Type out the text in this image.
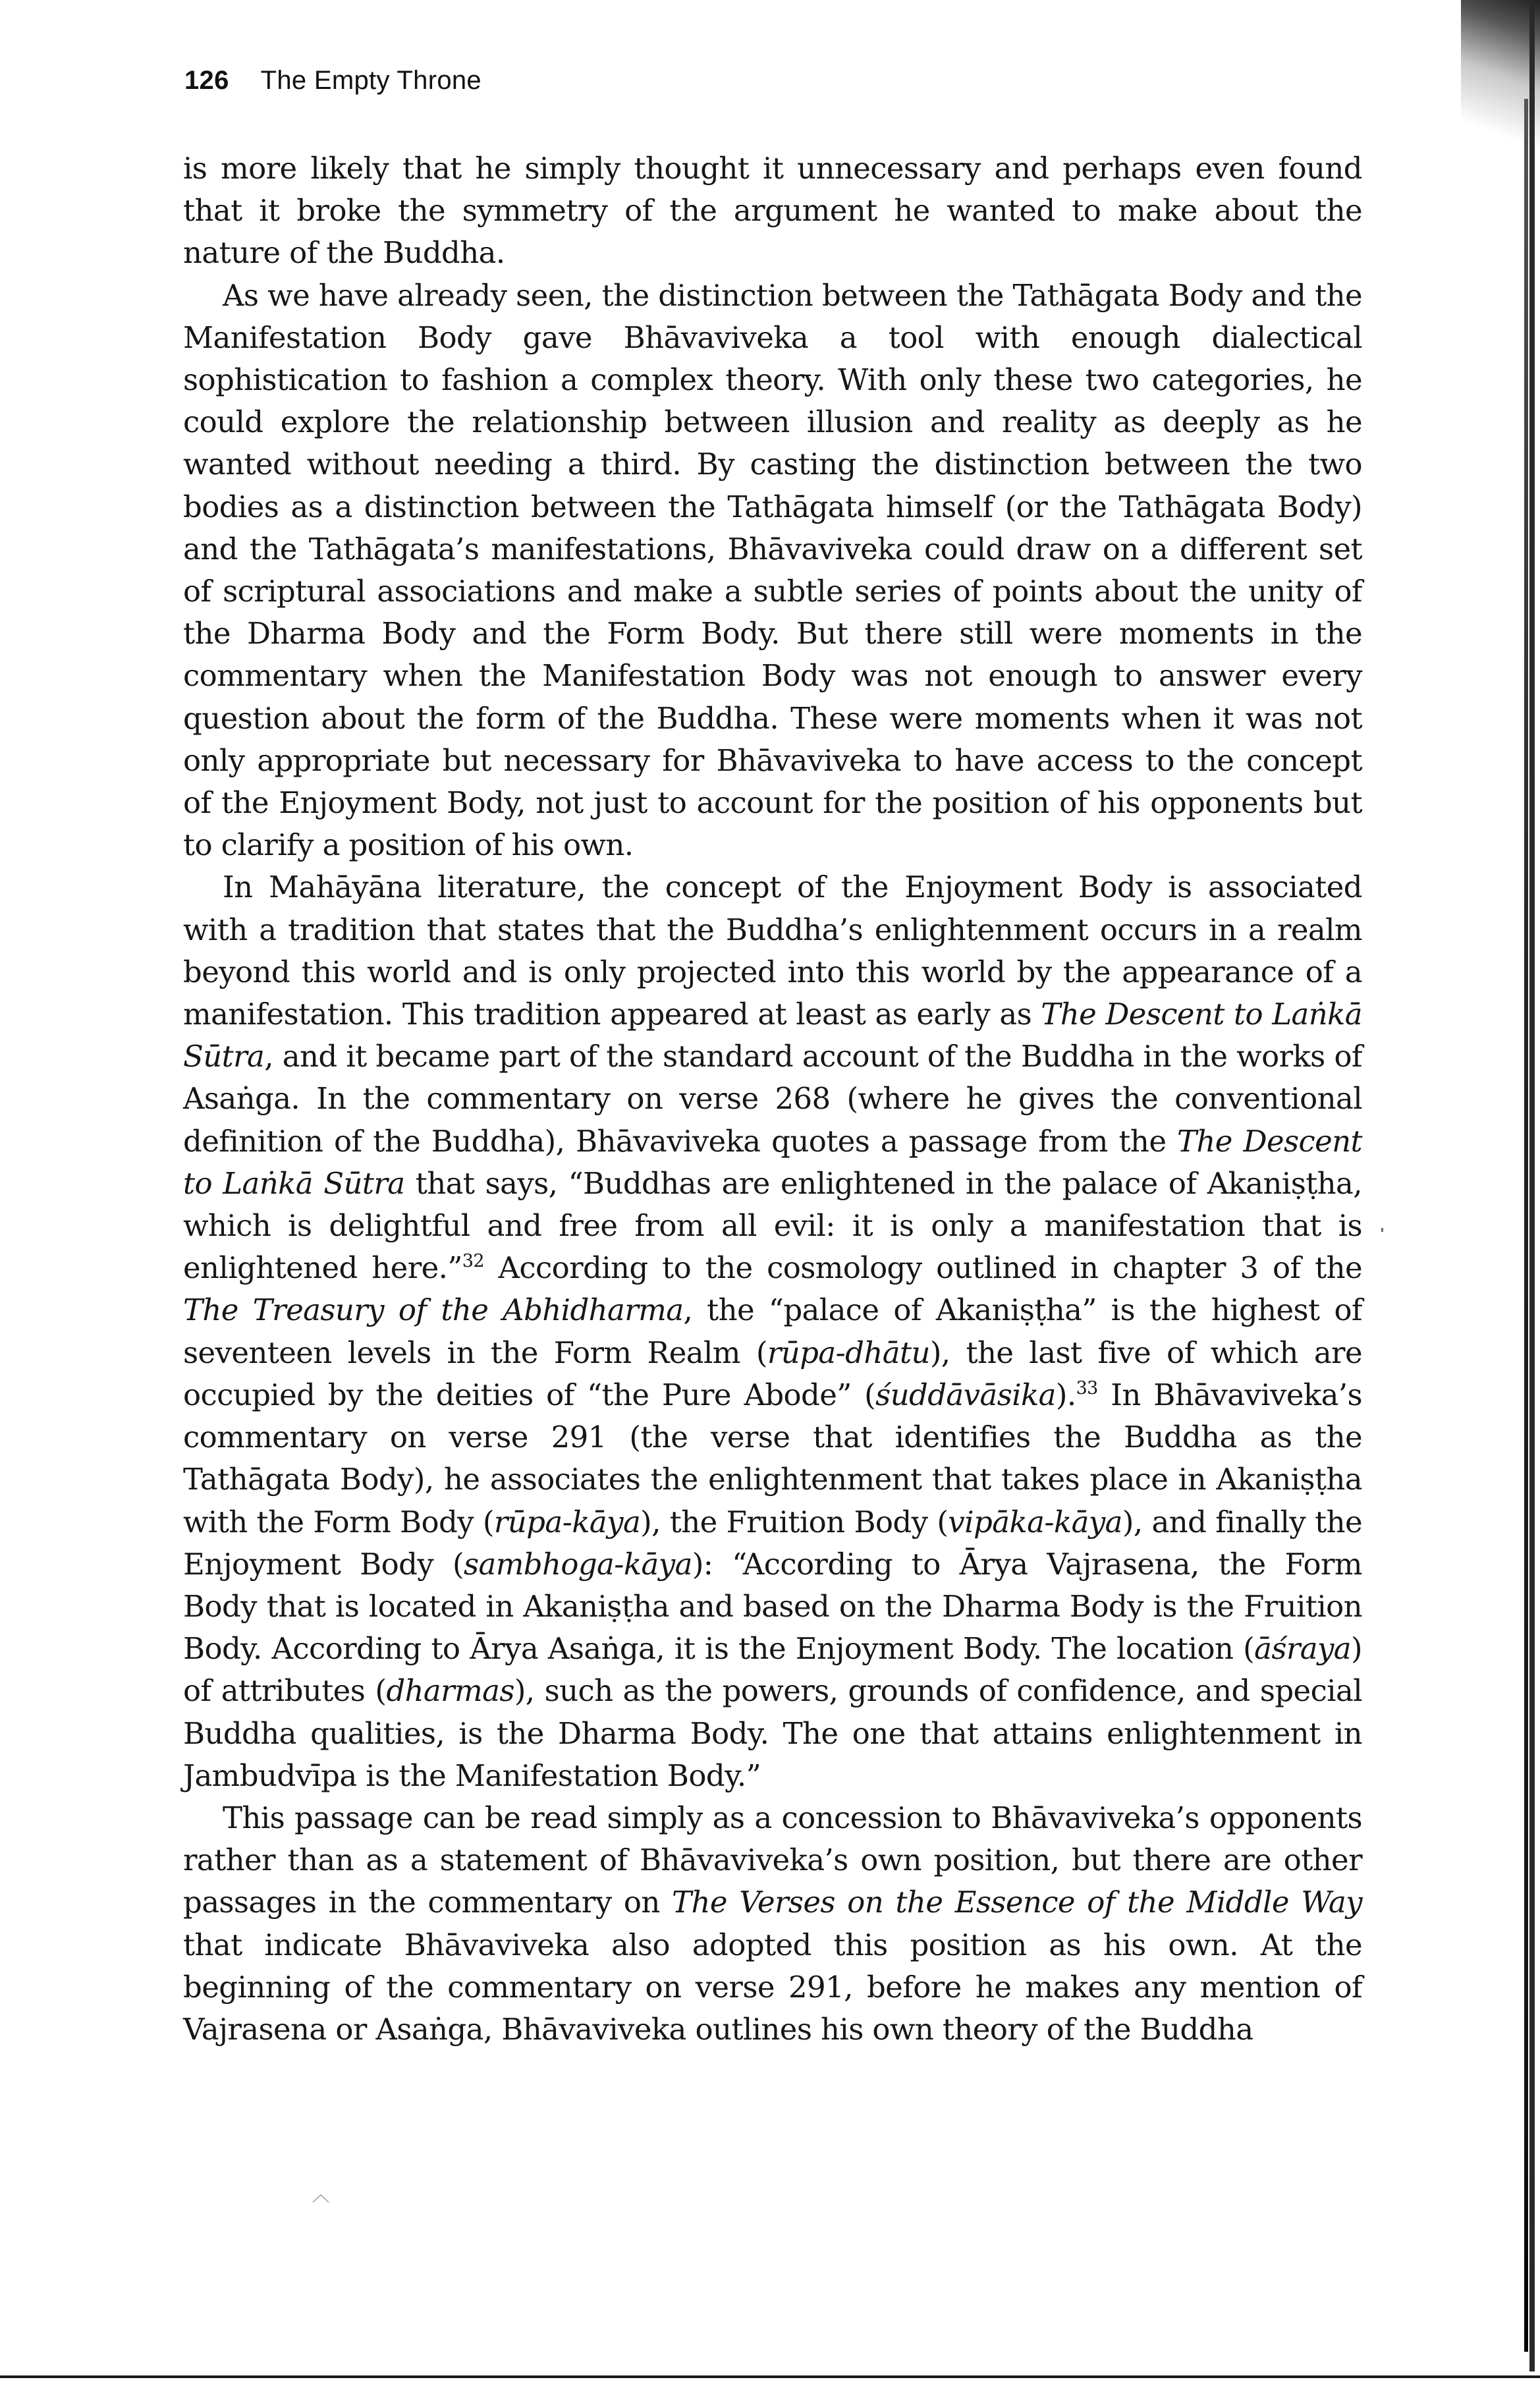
126 The Empty Throne

is more likely that he simply thought it unnecessary and perhaps even found that it broke the symmetry of the argument he wanted to make about the nature of the Buddha.

As we have already seen, the distinction between the Tathāgata Body and the Manifestation Body gave Bhāvaviveka a tool with enough dialectical sophistication to fashion a complex theory. With only these two categories, he could explore the relationship between illusion and reality as deeply as he wanted without needing a third. By casting the distinction between the two bodies as a distinction between the Tathāgata himself (or the Tathāgata Body) and the Tathāgata’s manifestations, Bhāvaviveka could draw on a different set of scriptural associations and make a subtle series of points about the unity of the Dharma Body and the Form Body. But there still were moments in the commentary when the Manifestation Body was not enough to answer every question about the form of the Buddha. These were moments when it was not only appropriate but necessary for Bhāvaviveka to have access to the concept of the Enjoyment Body, not just to account for the position of his opponents but to clarify a position of his own.

In Mahāyāna literature, the concept of the Enjoyment Body is associated with a tradition that states that the Buddha’s enlightenment occurs in a realm beyond this world and is only projected into this world by the appearance of a manifestation. This tradition appeared at least as early as The Descent to Laṅkā Sūtra, and it became part of the standard account of the Buddha in the works of Asaṅga. In the commentary on verse 268 (where he gives the conventional definition of the Buddha), Bhāvaviveka quotes a passage from the The Descent to Laṅkā Sūtra that says, “Buddhas are enlightened in the palace of Akaniṣṭha, which is delightful and free from all evil: it is only a manifestation that is enlightened here.”$^{32}$ According to the cosmology outlined in chapter 3 of the The Treasury of the Abhidharma, the “palace of Akaniṣṭha” is the highest of seventeen levels in the Form Realm (rūpa-dhātu), the last five of which are occupied by the deities of “the Pure Abode” (śuddāvāsika).$^{33}$ In Bhāvaviveka’s commentary on verse 291 (the verse that identifies the Buddha as the Tathāgata Body), he associates the enlightenment that takes place in Akaniṣṭha with the Form Body (rūpa-kāya), the Fruition Body (vipāka-kāya), and finally the Enjoyment Body (sambhoga-kāya): “According to Ārya Vajrasena, the Form Body that is located in Akaniṣṭha and based on the Dharma Body is the Fruition Body. According to Ārya Asaṅga, it is the Enjoyment Body. The location (āśraya) of attributes (dharmas), such as the powers, grounds of confidence, and special Buddha qualities, is the Dharma Body. The one that attains enlightenment in Jambudvīpa is the Manifestation Body.”

This passage can be read simply as a concession to Bhāvaviveka’s opponents rather than as a statement of Bhāvaviveka’s own position, but there are other passages in the commentary on The Verses on the Essence of the Middle Way that indicate Bhāvaviveka also adopted this position as his own. At the beginning of the commentary on verse 291, before he makes any mention of Vajrasena or Asaṅga, Bhāvaviveka outlines his own theory of the Buddha
